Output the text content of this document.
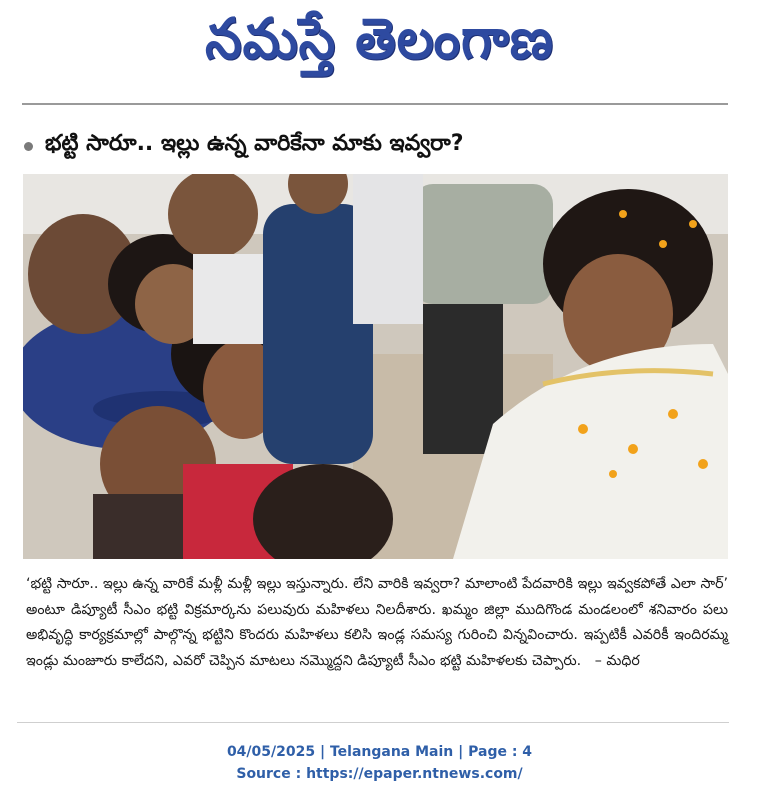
నమస్తే తెలంగాణ
భట్టి సారూ.. ఇల్లు ఉన్న వారికేనా మాకు ఇవ్వరా?

‘భట్టి సారూ.. ఇల్లు ఉన్న వారికే మళ్లీ మళ్లీ ఇల్లు ఇస్తున్నారు. లేని వారికి ఇవ్వరా? మాలాంటి పేదవారికి ఇల్లు ఇవ్వకపోతే ఎలా సార్’ అంటూ డిప్యూటీ సీఎం భట్టి విక్రమార్కను పలువురు మహిళలు నిలదీశారు. ఖమ్మం జిల్లా ముదిగొండ మండలంలో శనివారం పలు అభివృద్ధి కార్యక్రమాల్లో పాల్గొన్న భట్టిని కొందరు మహిళలు కలిసి ఇండ్ల సమస్య గురించి విన్నవించారు. ఇప్పటికీ ఎవరికీ ఇందిరమ్మ ఇండ్లు మంజూరు కాలేదని, ఎవరో చెప్పిన మాటలు నమ్మొద్దని డిప్యూటీ సీఎం భట్టి మహిళలకు చెప్పారు. – మధిర

04/05/2025 | Telangana Main | Page : 4
Source : https://epaper.ntnews.com/
